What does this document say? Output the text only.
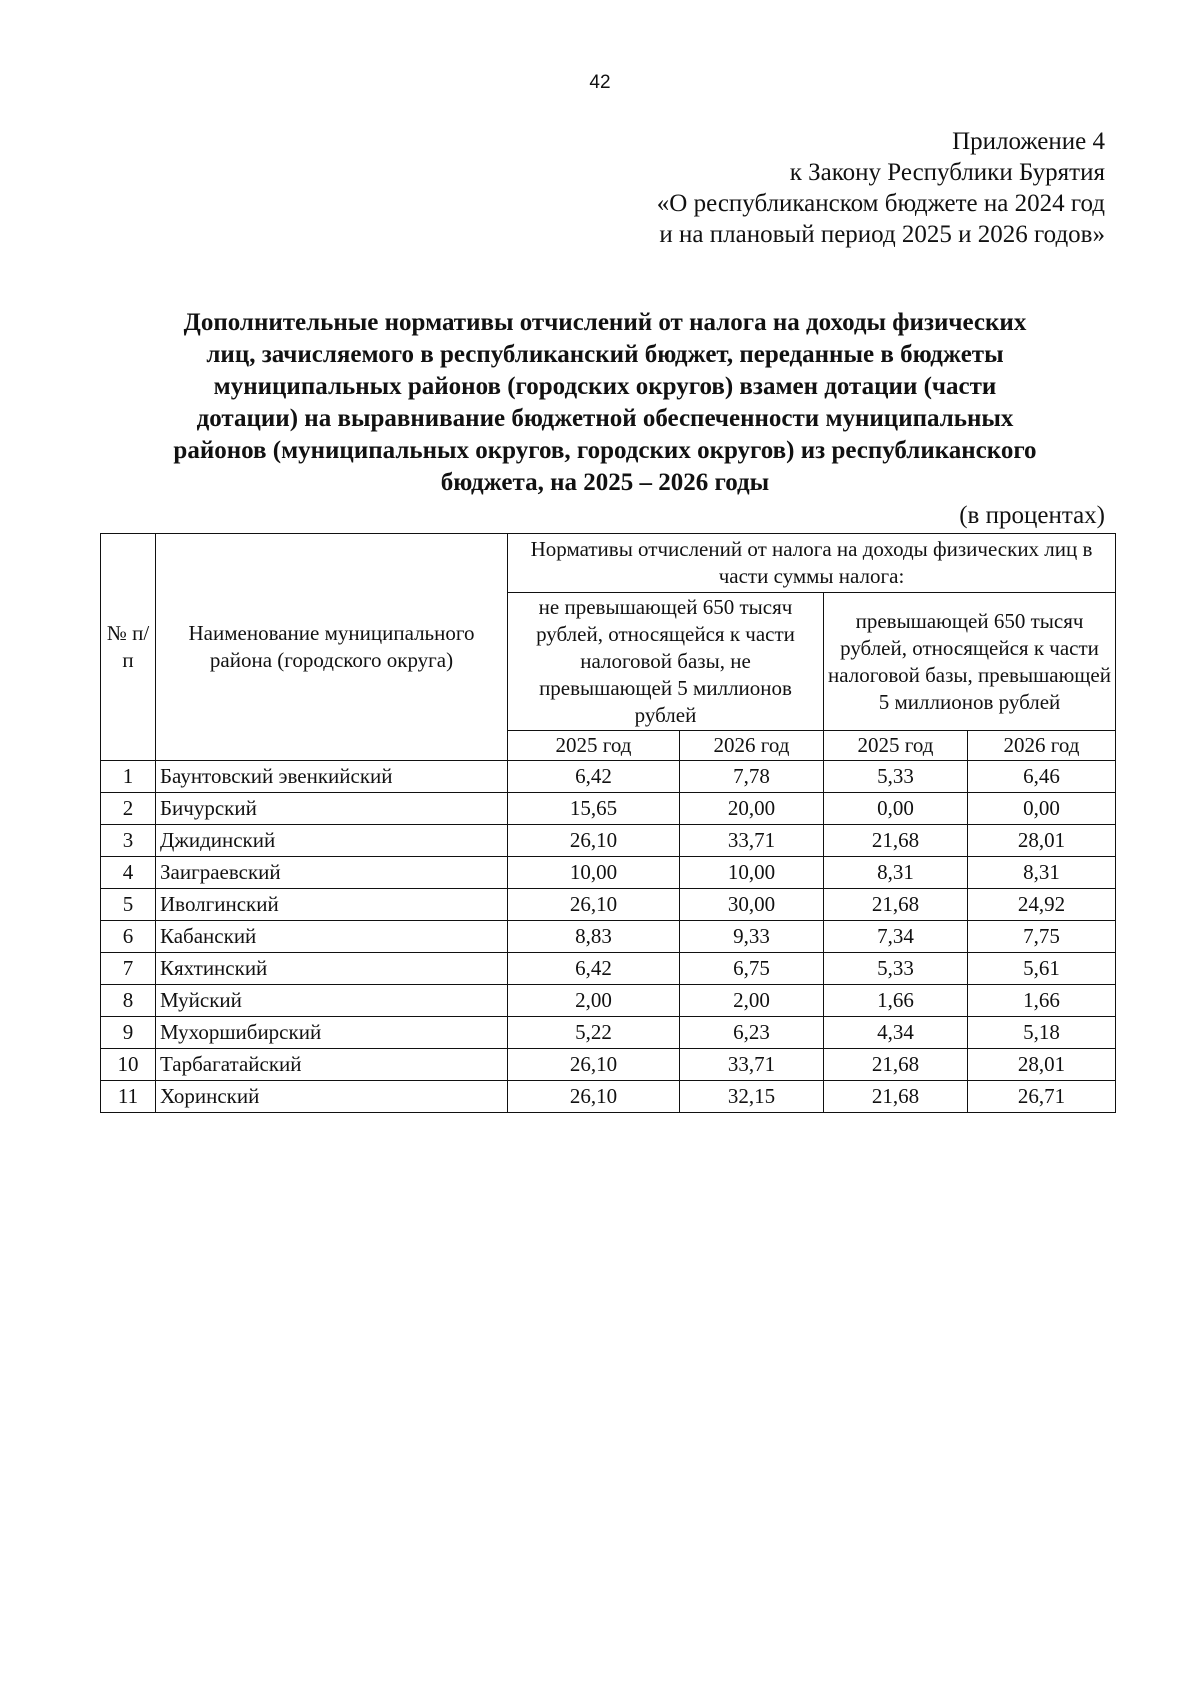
42
Приложение 4
к Закону Республики Бурятия
«О республиканском бюджете на 2024 год
и на плановый период 2025 и 2026 годов»
Дополнительные нормативы отчислений от налога на доходы физических
лиц, зачисляемого в республиканский бюджет, переданные в бюджеты
муниципальных районов (городских округов) взамен дотации (части
дотации) на выравнивание бюджетной обеспеченности муниципальных
районов (муниципальных округов, городских округов) из республиканского
бюджета, на 2025 – 2026 годы
(в процентах)
№ п/п	Наименование муниципального района (городского округа)	Нормативы отчислений от налога на доходы физических лиц в части суммы налога:			
		не превышающей 650 тысяч рублей, относящейся к части налоговой базы, не превышающей 5 миллионов рублей		превышающей 650 тысяч рублей, относящейся к части налоговой базы, превышающей 5 миллионов рублей	
		2025 год	2026 год	2025 год	2026 год
1	Баунтовский эвенкийский	6,42	7,78	5,33	6,46
2	Бичурский	15,65	20,00	0,00	0,00
3	Джидинский	26,10	33,71	21,68	28,01
4	Заиграевский	10,00	10,00	8,31	8,31
5	Иволгинский	26,10	30,00	21,68	24,92
6	Кабанский	8,83	9,33	7,34	7,75
7	Кяхтинский	6,42	6,75	5,33	5,61
8	Муйский	2,00	2,00	1,66	1,66
9	Мухоршибирский	5,22	6,23	4,34	5,18
10	Тарбагатайский	26,10	33,71	21,68	28,01
11	Хоринский	26,10	32,15	21,68	26,71
